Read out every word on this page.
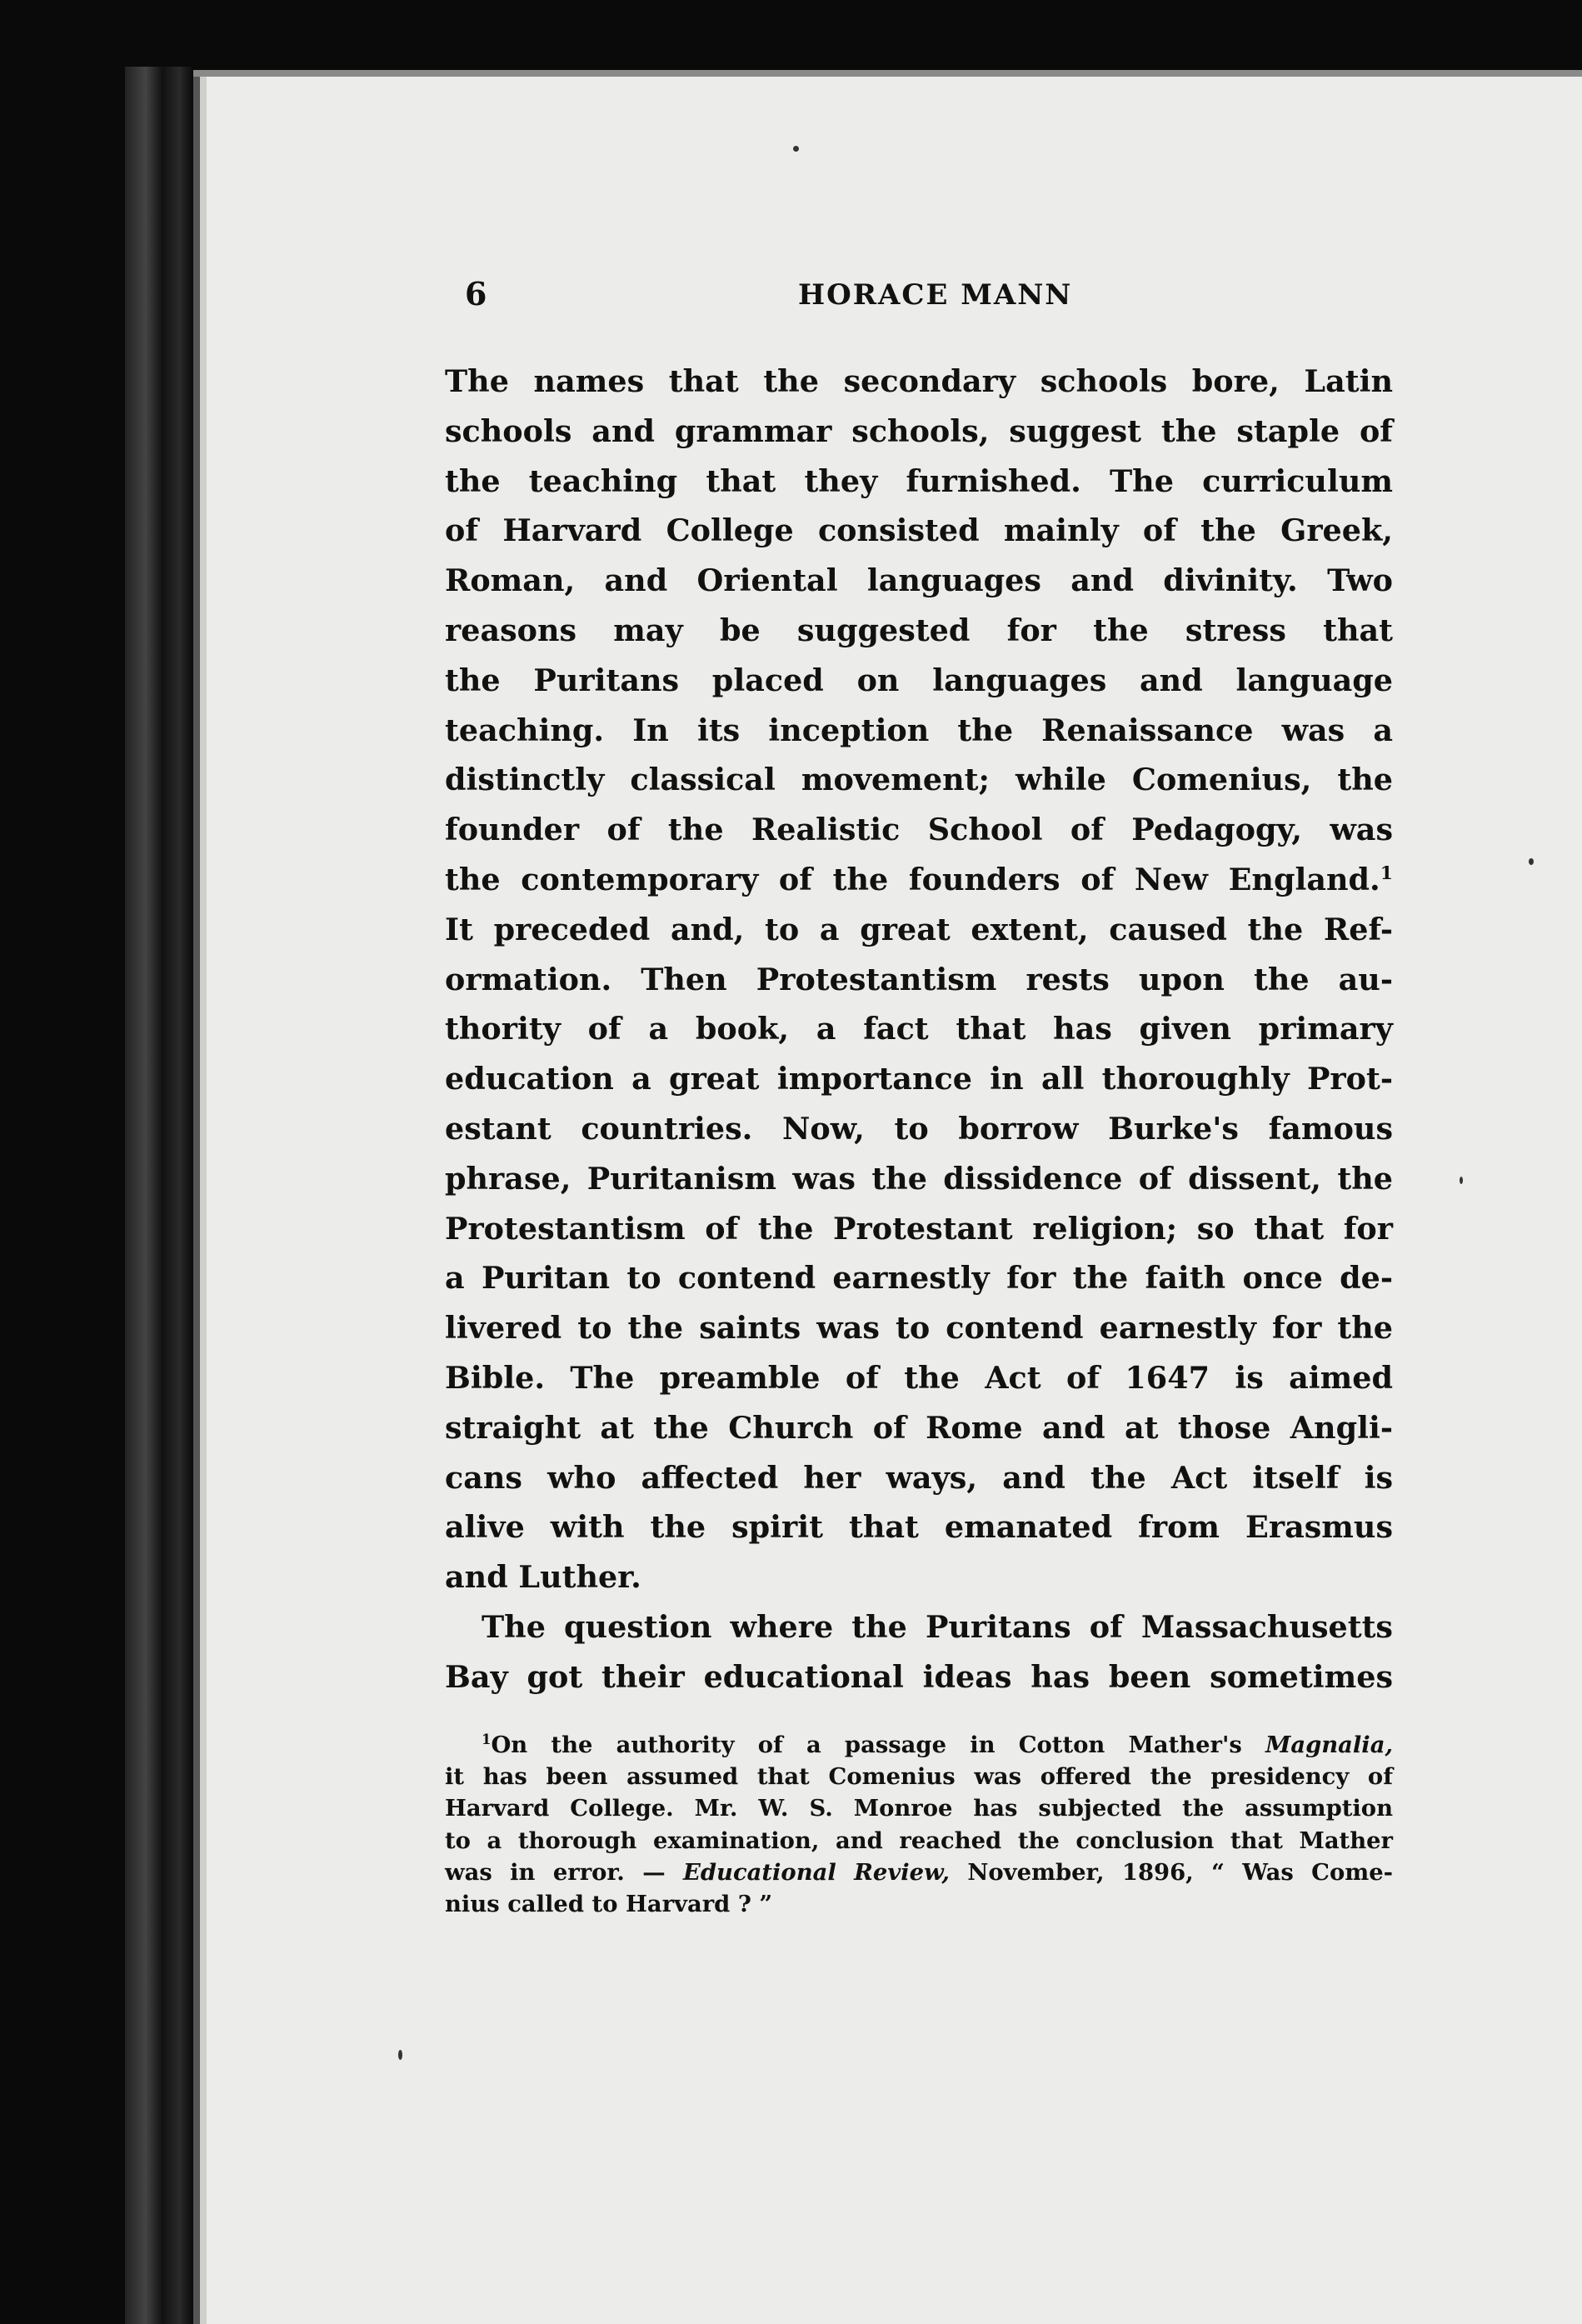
6	HORACE MANN
The names that the secondary schools bore, Latin
schools and grammar schools, suggest the staple of
the teaching that they furnished. The curriculum
of Harvard College consisted mainly of the Greek,
Roman, and Oriental languages and divinity. Two
reasons may be suggested for the stress that
the Puritans placed on languages and language
teaching. In its inception the Renaissance was a
distinctly classical movement; while Comenius, the
founder of the Realistic School of Pedagogy, was
the contemporary of the founders of New England.$^1$
It preceded and, to a great extent, caused the Ref-
ormation. Then Protestantism rests upon the au-
thority of a book, a fact that has given primary
education a great importance in all thoroughly Prot-
estant countries. Now, to borrow Burke's famous
phrase, Puritanism was the dissidence of dissent, the
Protestantism of the Protestant religion; so that for
a Puritan to contend earnestly for the faith once de-
livered to the saints was to contend earnestly for the
Bible. The preamble of the Act of 1647 is aimed
straight at the Church of Rome and at those Angli-
cans who affected her ways, and the Act itself is
alive with the spirit that emanated from Erasmus
and Luther.
The question where the Puritans of Massachusetts
Bay got their educational ideas has been sometimes
$^1$On the authority of a passage in Cotton Mather's Magnalia,
it has been assumed that Comenius was offered the presidency of
Harvard College. Mr. W. S. Monroe has subjected the assumption
to a thorough examination, and reached the conclusion that Mather
was in error. — Educational Review, November, 1896, “ Was Come-
nius called to Harvard ? ”
